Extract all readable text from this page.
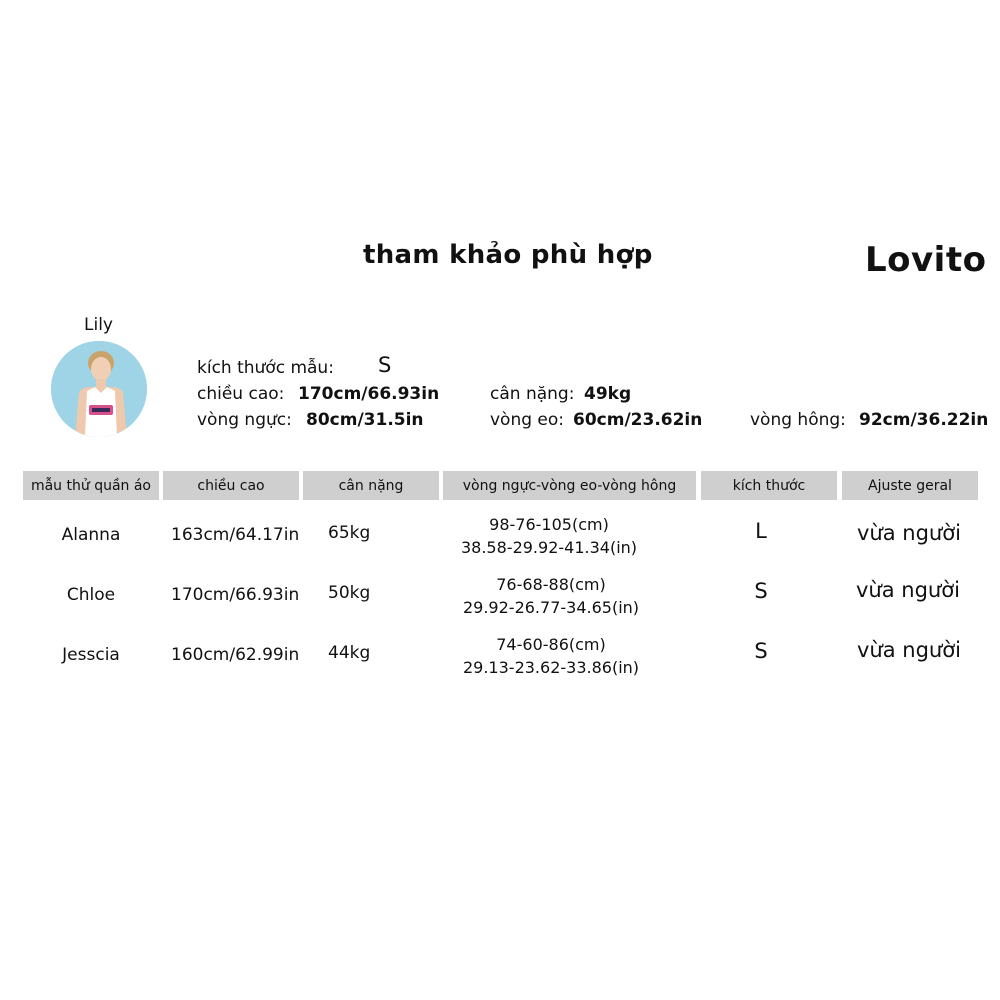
tham khảo phù hợp	Lovito
Lily
kích thước mẫu: S
chiều cao: 170cm/66.93in	cân nặng: 49kg
vòng ngực: 80cm/31.5in	vòng eo: 60cm/23.62in	vòng hông: 92cm/36.22in
mẫu thử quần áo	chiều cao	cân nặng	vòng ngực-vòng eo-vòng hông	kích thước	Ajuste geral
Alanna	163cm/64.17in 65kg	98-76-105(cm)
38.58-29.92-41.34(in)
L	vừa người
Chloe	170cm/66.93in 50kg	76-68-88(cm)
29.92-26.77-34.65(in)
S	vừa người
Jesscia	160cm/62.99in 44kg	74-60-86(cm)
29.13-23.62-33.86(in)
S	vừa người
